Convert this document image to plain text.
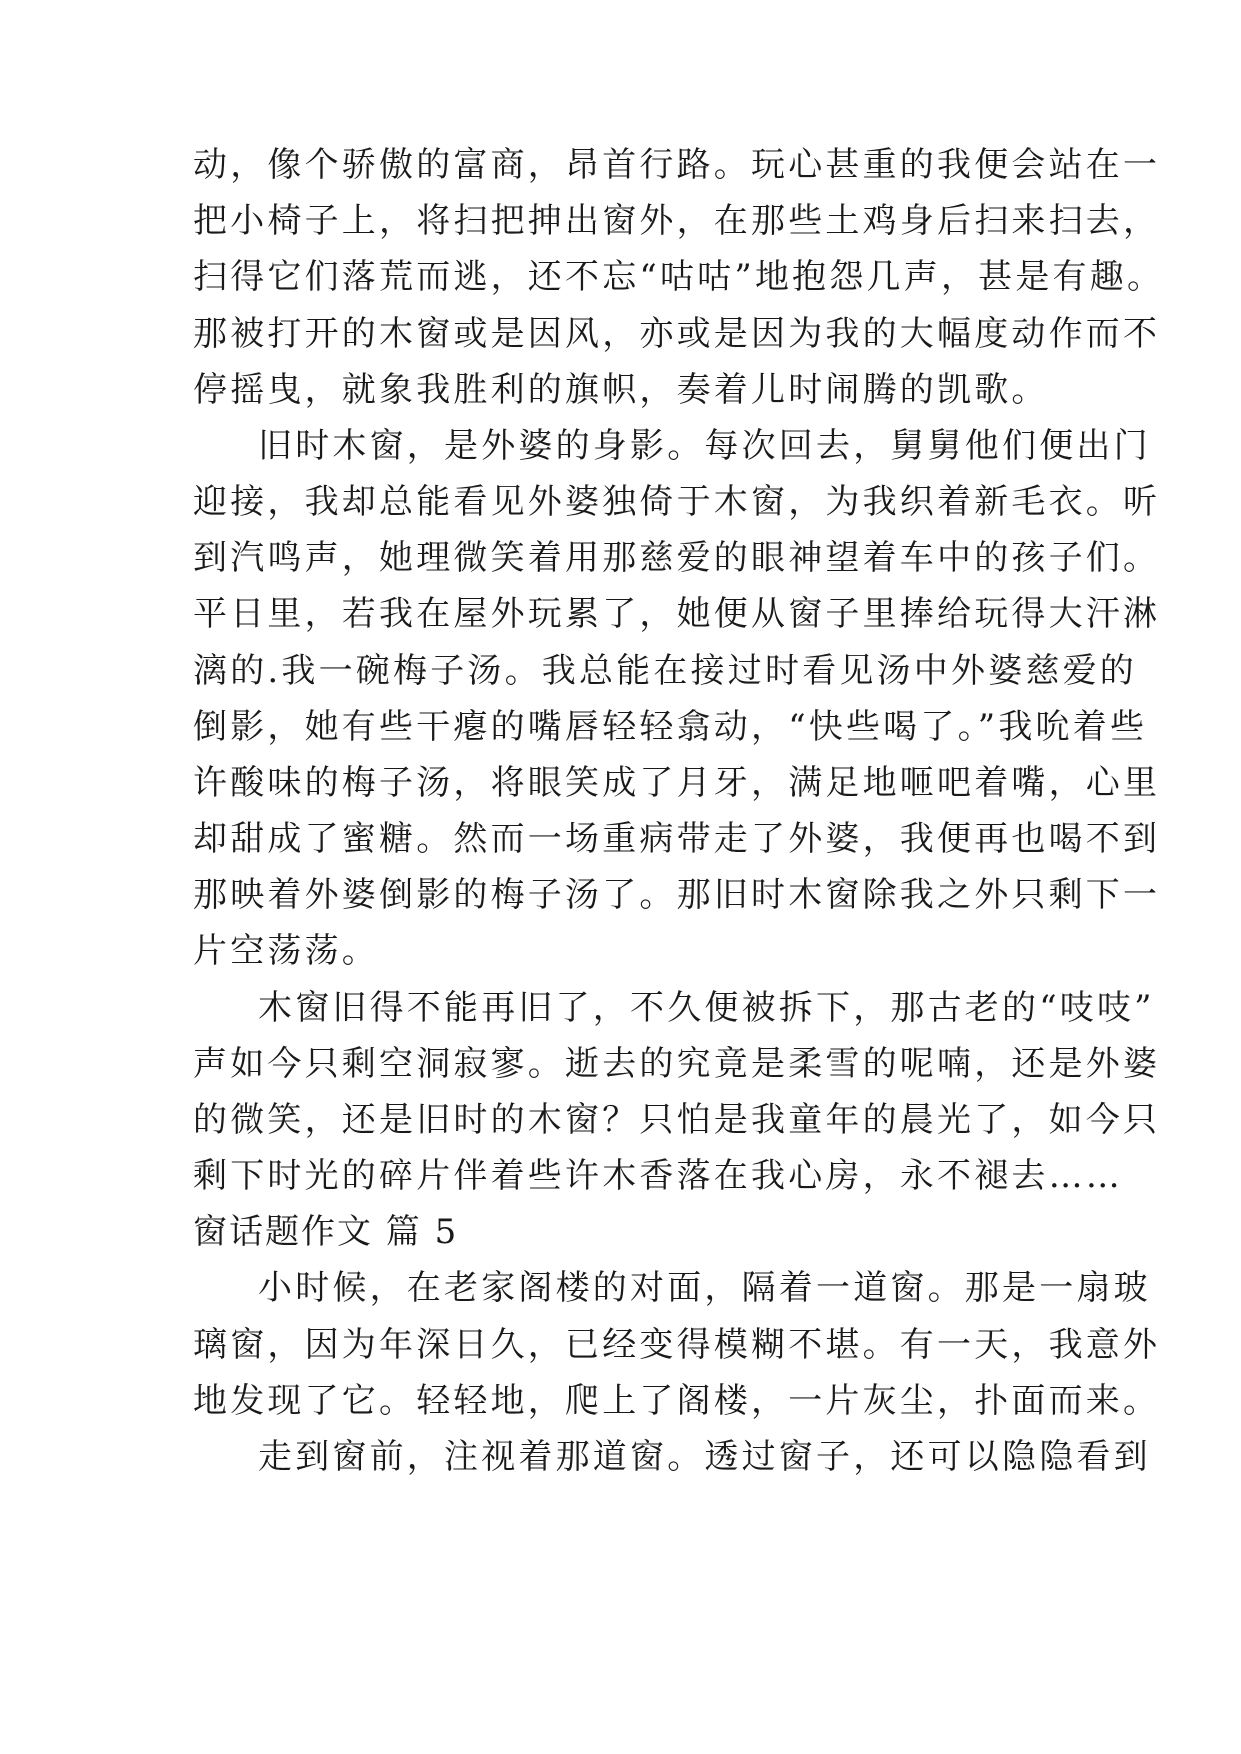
动，像个骄傲的富商，昂首行路。玩心甚重的我便会站在一
把小椅子上，将扫把抻出窗外，在那些土鸡身后扫来扫去，
扫得它们落荒而逃，还不忘“咕咕”地抱怨几声，甚是有趣。
那被打开的木窗或是因风，亦或是因为我的大幅度动作而不
停摇曳，就象我胜利的旗帜，奏着儿时闹腾的凯歌。
旧时木窗，是外婆的身影。每次回去，舅舅他们便出门
迎接，我却总能看见外婆独倚于木窗，为我织着新毛衣。听
到汽鸣声，她理微笑着用那慈爱的眼神望着车中的孩子们。
平日里，若我在屋外玩累了，她便从窗子里捧给玩得大汗淋
漓的.我一碗梅子汤。我总能在接过时看见汤中外婆慈爱的
倒影，她有些干瘪的嘴唇轻轻翕动，“快些喝了。”我吮着些
许酸味的梅子汤，将眼笑成了月牙，满足地咂吧着嘴，心里
却甜成了蜜糖。然而一场重病带走了外婆，我便再也喝不到
那映着外婆倒影的梅子汤了。那旧时木窗除我之外只剩下一
片空荡荡。
木窗旧得不能再旧了，不久便被拆下，那古老的“吱吱”
声如今只剩空洞寂寥。逝去的究竟是柔雪的呢喃，还是外婆
的微笑，还是旧时的木窗？只怕是我童年的晨光了，如今只
剩下时光的碎片伴着些许木香落在我心房，永不褪去……
窗话题作文 篇 5
小时候，在老家阁楼的对面，隔着一道窗。那是一扇玻
璃窗，因为年深日久，已经变得模糊不堪。有一天，我意外
地发现了它。轻轻地，爬上了阁楼，一片灰尘，扑面而来。
走到窗前，注视着那道窗。透过窗子，还可以隐隐看到
